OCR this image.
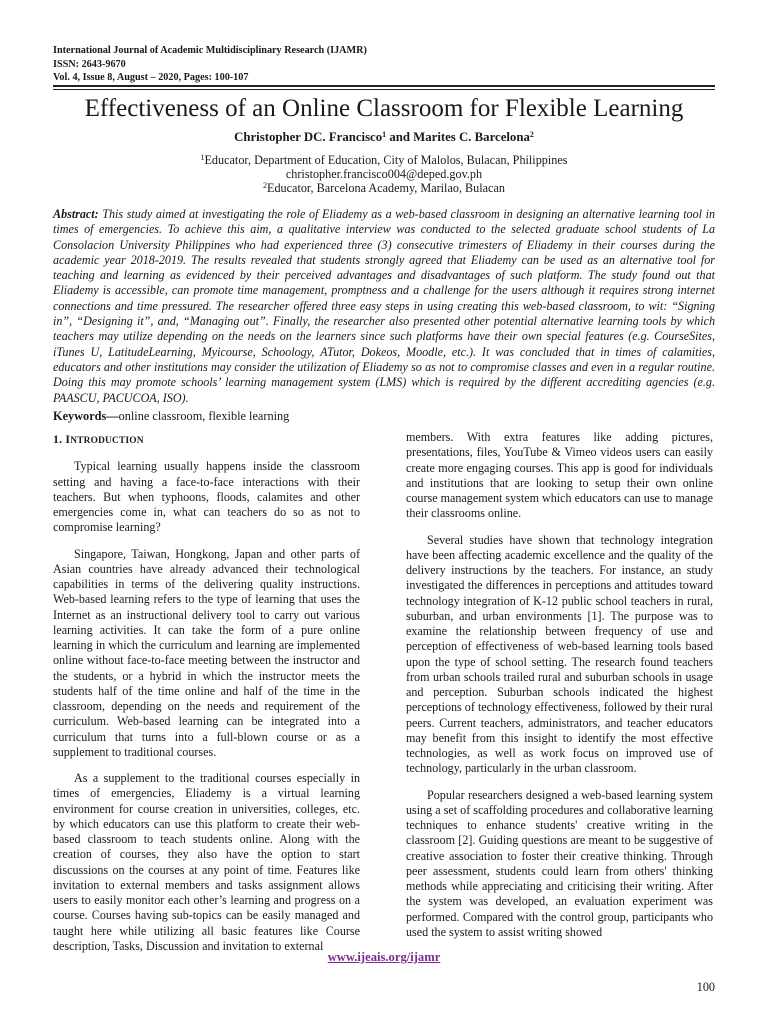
International Journal of Academic Multidisciplinary Research (IJAMR)
ISSN: 2643-9670
Vol. 4, Issue 8, August – 2020, Pages: 100-107
Effectiveness of an Online Classroom for Flexible Learning
Christopher DC. Francisco$^1$ and Marites C. Barcelona$^2$
$^1$Educator, Department of Education, City of Malolos, Bulacan, Philippines
christopher.francisco004@deped.gov.ph
$^2$Educator, Barcelona Academy, Marilao, Bulacan
Abstract: This study aimed at investigating the role of Eliademy as a web-based classroom in designing an alternative learning tool in times of emergencies. To achieve this aim, a qualitative interview was conducted to the selected graduate school students of La Consolacion University Philippines who had experienced three (3) consecutive trimesters of Eliademy in their courses during the academic year 2018-2019. The results revealed that students strongly agreed that Eliademy can be used as an alternative tool for teaching and learning as evidenced by their perceived advantages and disadvantages of such platform. The study found out that Eliademy is accessible, can promote time management, promptness and a challenge for the users although it requires strong internet connections and time pressured. The researcher offered three easy steps in using creating this web-based classroom, to wit: “Signing in”, “Designing it”, and, “Managing out”. Finally, the researcher also presented other potential alternative learning tools by which teachers may utilize depending on the needs on the learners since such platforms have their own special features (e.g. CourseSites, iTunes U, LatitudeLearning, Myicourse, Schoology, ATutor, Dokeos, Moodle, etc.). It was concluded that in times of calamities, educators and other institutions may consider the utilization of Eliademy so as not to compromise classes and even in a regular routine. Doing this may promote schools’ learning management system (LMS) which is required by the different accrediting agencies (e.g. PAASCU, PACUCOA, ISO).
Keywords—online classroom, flexible learning
1. INTRODUCTION

Typical learning usually happens inside the classroom setting and having a face-to-face interactions with their teachers. But when typhoons, floods, calamites and other emergencies come in, what can teachers do so as not to compromise learning?

Singapore, Taiwan, Hongkong, Japan and other parts of Asian countries have already advanced their technological capabilities in terms of the delivering quality instructions. Web-based learning refers to the type of learning that uses the Internet as an instructional delivery tool to carry out various learning activities. It can take the form of a pure online learning in which the curriculum and learning are implemented online without face-to-face meeting between the instructor and the students, or a hybrid in which the instructor meets the students half of the time online and half of the time in the classroom, depending on the needs and requirement of the curriculum. Web-based learning can be integrated into a curriculum that turns into a full-blown course or as a supplement to traditional courses.

As a supplement to the traditional courses especially in times of emergencies, Eliademy is a virtual learning environment for course creation in universities, colleges, etc. by which educators can use this platform to create their web-based classroom to teach students online. Along with the creation of courses, they also have the option to start discussions on the courses at any point of time. Features like invitation to external members and tasks assignment allows users to easily monitor each other’s learning and progress on a course. Courses having sub-topics can be easily managed and taught here while utilizing all basic features like Course description, Tasks, Discussion and invitation to external

members. With extra features like adding pictures, presentations, files, YouTube & Vimeo videos users can easily create more engaging courses. This app is good for individuals and institutions that are looking to setup their own online course management system which educators can use to manage their classrooms online.

Several studies have shown that technology integration have been affecting academic excellence and the quality of the delivery instructions by the teachers. For instance, an study investigated the differences in perceptions and attitudes toward technology integration of K-12 public school teachers in rural, suburban, and urban environments [1]. The purpose was to examine the relationship between frequency of use and perception of effectiveness of web-based learning tools based upon the type of school setting. The research found teachers from urban schools trailed rural and suburban schools in usage and perception. Suburban schools indicated the highest perceptions of technology effectiveness, followed by their rural peers. Current teachers, administrators, and teacher educators may benefit from this insight to identify the most effective technologies, as well as work focus on improved use of technology, particularly in the urban classroom.

Popular researchers designed a web-based learning system using a set of scaffolding procedures and collaborative learning techniques to enhance students' creative writing in the classroom [2]. Guiding questions are meant to be suggestive of creative association to foster their creative thinking. Through peer assessment, students could learn from others' thinking methods while appreciating and criticising their writing. After the system was developed, an evaluation experiment was performed. Compared with the control group, participants who used the system to assist writing showed

www.ijeais.org/ijamr
100
